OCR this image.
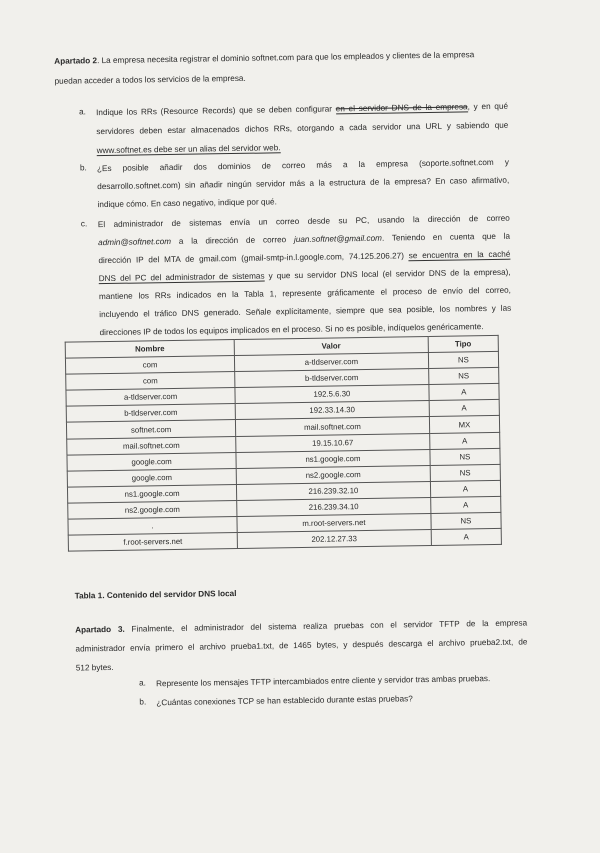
Apartado 2. La empresa necesita registrar el dominio softnet.com para que los empleados y clientes de la empresa
puedan acceder a todos los servicios de la empresa.
a. Indique los RRs (Resource Records) que se deben configurar en el servidor DNS de la empresa, y en qué
servidores deben estar almacenados dichos RRs, otorgando a cada servidor una URL y sabiendo que
www.softnet.es debe ser un alias del servidor web.
b. ¿Es posible añadir dos dominios de correo más a la empresa (soporte.softnet.com y
desarrollo.softnet.com) sin añadir ningún servidor más a la estructura de la empresa? En caso afirmativo,
indique cómo. En caso negativo, indique por qué.
c. El administrador de sistemas envía un correo desde su PC, usando la dirección de correo
admin@softnet.com a la dirección de correo juan.softnet@gmail.com. Teniendo en cuenta que la
dirección IP del MTA de gmail.com (gmail-smtp-in.l.google.com, 74.125.206.27) se encuentra en la caché
DNS del PC del administrador de sistemas y que su servidor DNS local (el servidor DNS de la empresa),
mantiene los RRs indicados en la Tabla 1, represente gráficamente el proceso de envío del correo,
incluyendo el tráfico DNS generado. Señale explícitamente, siempre que sea posible, los nombres y las
direcciones IP de todos los equipos implicados en el proceso. Si no es posible, indíquelos genéricamente.
Nombre	Valor	Tipo
com	a-tldserver.com	NS
com	b-tldserver.com	NS
a-tldserver.com	192.5.6.30	A
b-tldserver.com	192.33.14.30	A
softnet.com	mail.softnet.com	MX
mail.softnet.com	19.15.10.67	A
google.com	ns1.google.com	NS
google.com	ns2.google.com	NS
ns1.google.com	216.239.32.10	A
ns2.google.com	216.239.34.10	A
.	m.root-servers.net	NS
f.root-servers.net	202.12.27.33	A
Tabla 1. Contenido del servidor DNS local
Apartado 3. Finalmente, el administrador del sistema realiza pruebas con el servidor TFTP de la empresa
administrador envía primero el archivo prueba1.txt, de 1465 bytes, y después descarga el archivo prueba2.txt, de
512 bytes.
a. Represente los mensajes TFTP intercambiados entre cliente y servidor tras ambas pruebas.
b. ¿Cuántas conexiones TCP se han establecido durante estas pruebas?
